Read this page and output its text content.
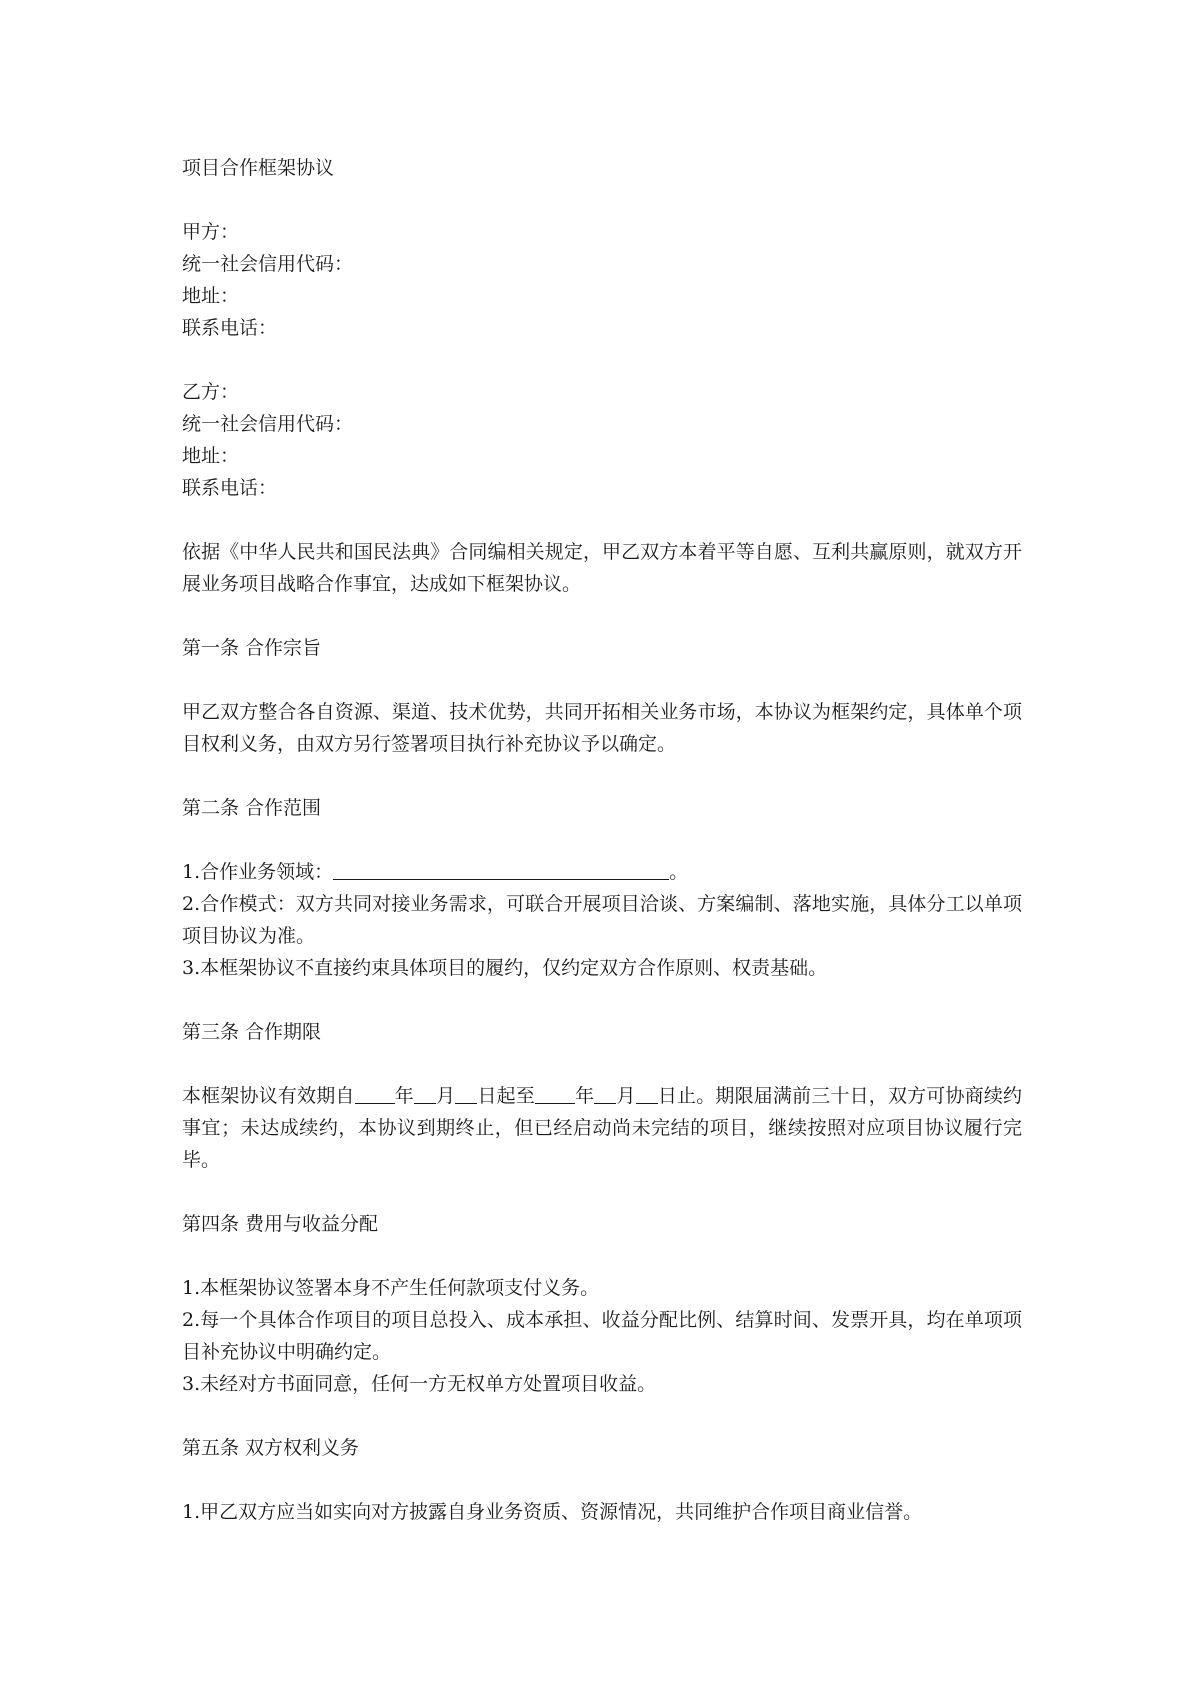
项目合作框架协议
甲方：
统一社会信用代码：
地址：
联系电话：
乙方：
统一社会信用代码：
地址：
联系电话：
依据《中华人民共和国民法典》合同编相关规定，甲乙双方本着平等自愿、互利共赢原则，就双方开展业务项目战略合作事宜，达成如下框架协议。
第一条 合作宗旨
甲乙双方整合各自资源、渠道、技术优势，共同开拓相关业务市场，本协议为框架约定，具体单个项目权利义务，由双方另行签署项目执行补充协议予以确定。
第二条 合作范围
1.合作业务领域：	。
2.合作模式：双方共同对接业务需求，可联合开展项目洽谈、方案编制、落地实施，具体分工以单项项目协议为准。
3.本框架协议不直接约束具体项目的履约，仅约定双方合作原则、权责基础。
第三条 合作期限
本框架协议有效期自 年 月 日起至 年 月 日止。期限届满前三十日，双方可协商续约事宜；未达成续约，本协议到期终止，但已经启动尚未完结的项目，继续按照对应项目协议履行完毕。
第四条 费用与收益分配
1.本框架协议签署本身不产生任何款项支付义务。
2.每一个具体合作项目的项目总投入、成本承担、收益分配比例、结算时间、发票开具，均在单项项目补充协议中明确约定。
3.未经对方书面同意，任何一方无权单方处置项目收益。
第五条 双方权利义务
1.甲乙双方应当如实向对方披露自身业务资质、资源情况，共同维护合作项目商业信誉。
